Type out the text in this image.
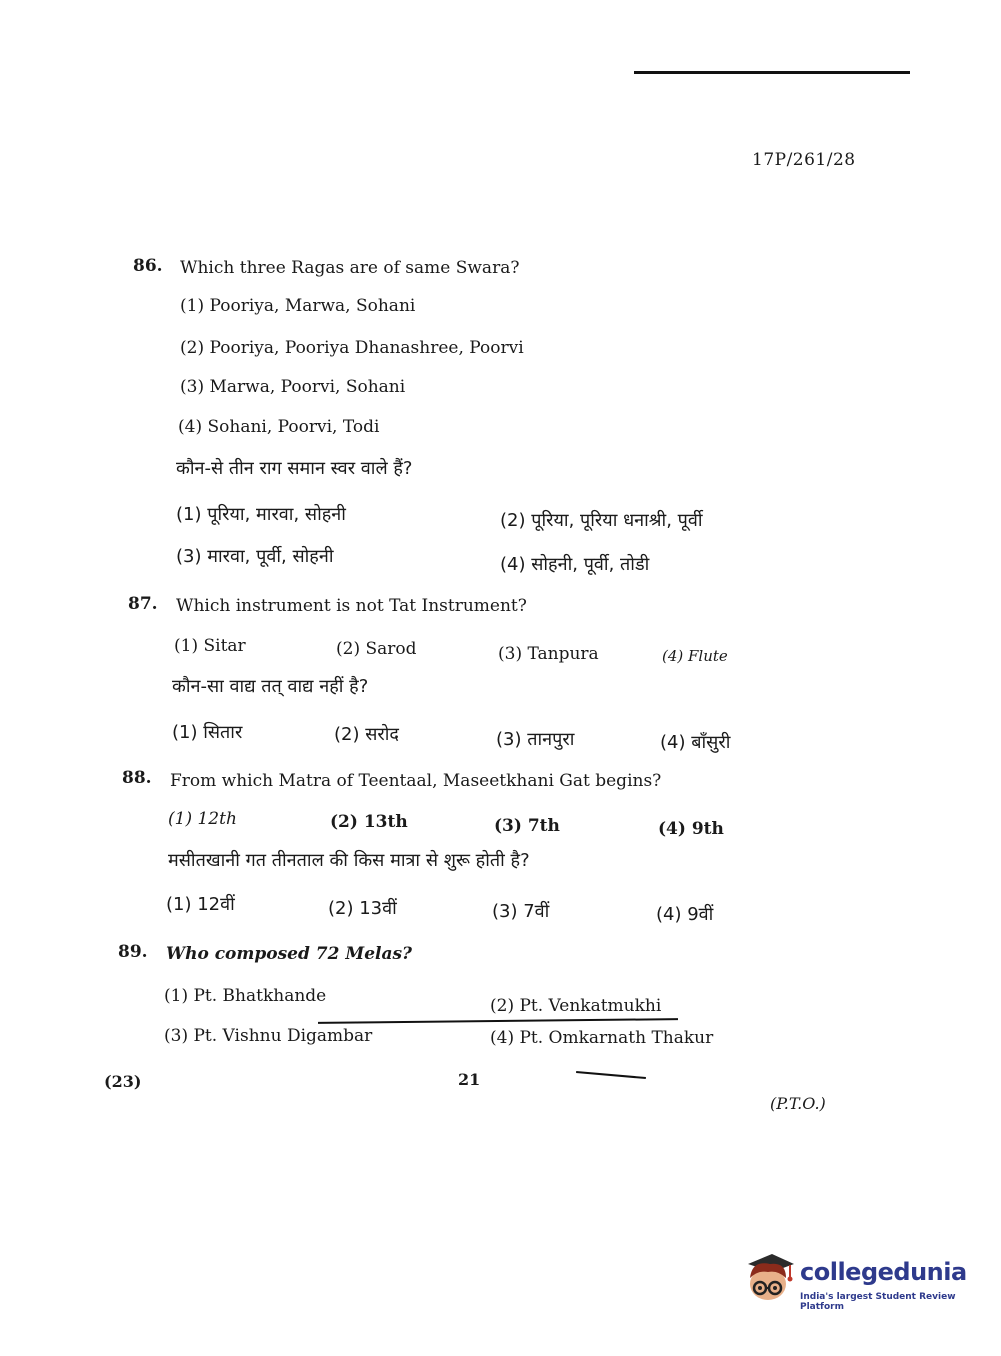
17P/261/28
86. Which three Ragas are of same Swara?
(1) Pooriya, Marwa, Sohani
(2) Pooriya, Pooriya Dhanashree, Poorvi
(3) Marwa, Poorvi, Sohani
(4) Sohani, Poorvi, Todi
कौन-से तीन राग समान स्वर वाले हैं?
(1) पूरिया, मारवा, सोहनी	(2) पूरिया, पूरिया धनाश्री, पूर्वी
(3) मारवा, पूर्वी, सोहनी	(4) सोहनी, पूर्वी, तोडी
87. Which instrument is not Tat Instrument?
(1) Sitar	(2) Sarod	(3) Tanpura	(4) Flute
कौन-सा वाद्य तत् वाद्य नहीं है?
(1) सितार	(2) सरोद	(3) तानपुरा	(4) बाँसुरी
88. From which Matra of Teentaal, Maseetkhani Gat begins?
(1) 12th	(2) 13th	(3) 7th	(4) 9th
मसीतखानी गत तीनताल की किस मात्रा से शुरू होती है?
(1) 12वीं	(2) 13वीं	(3) 7वीं	(4) 9वीं
89. Who composed 72 Melas?
(1) Pt. Bhatkhande	(2) Pt. Venkatmukhi
(3) Pt. Vishnu Digambar	(4) Pt. Omkarnath Thakur
(23)	21
(P.T.O.)
collegedunia
India's largest Student Review Platform
